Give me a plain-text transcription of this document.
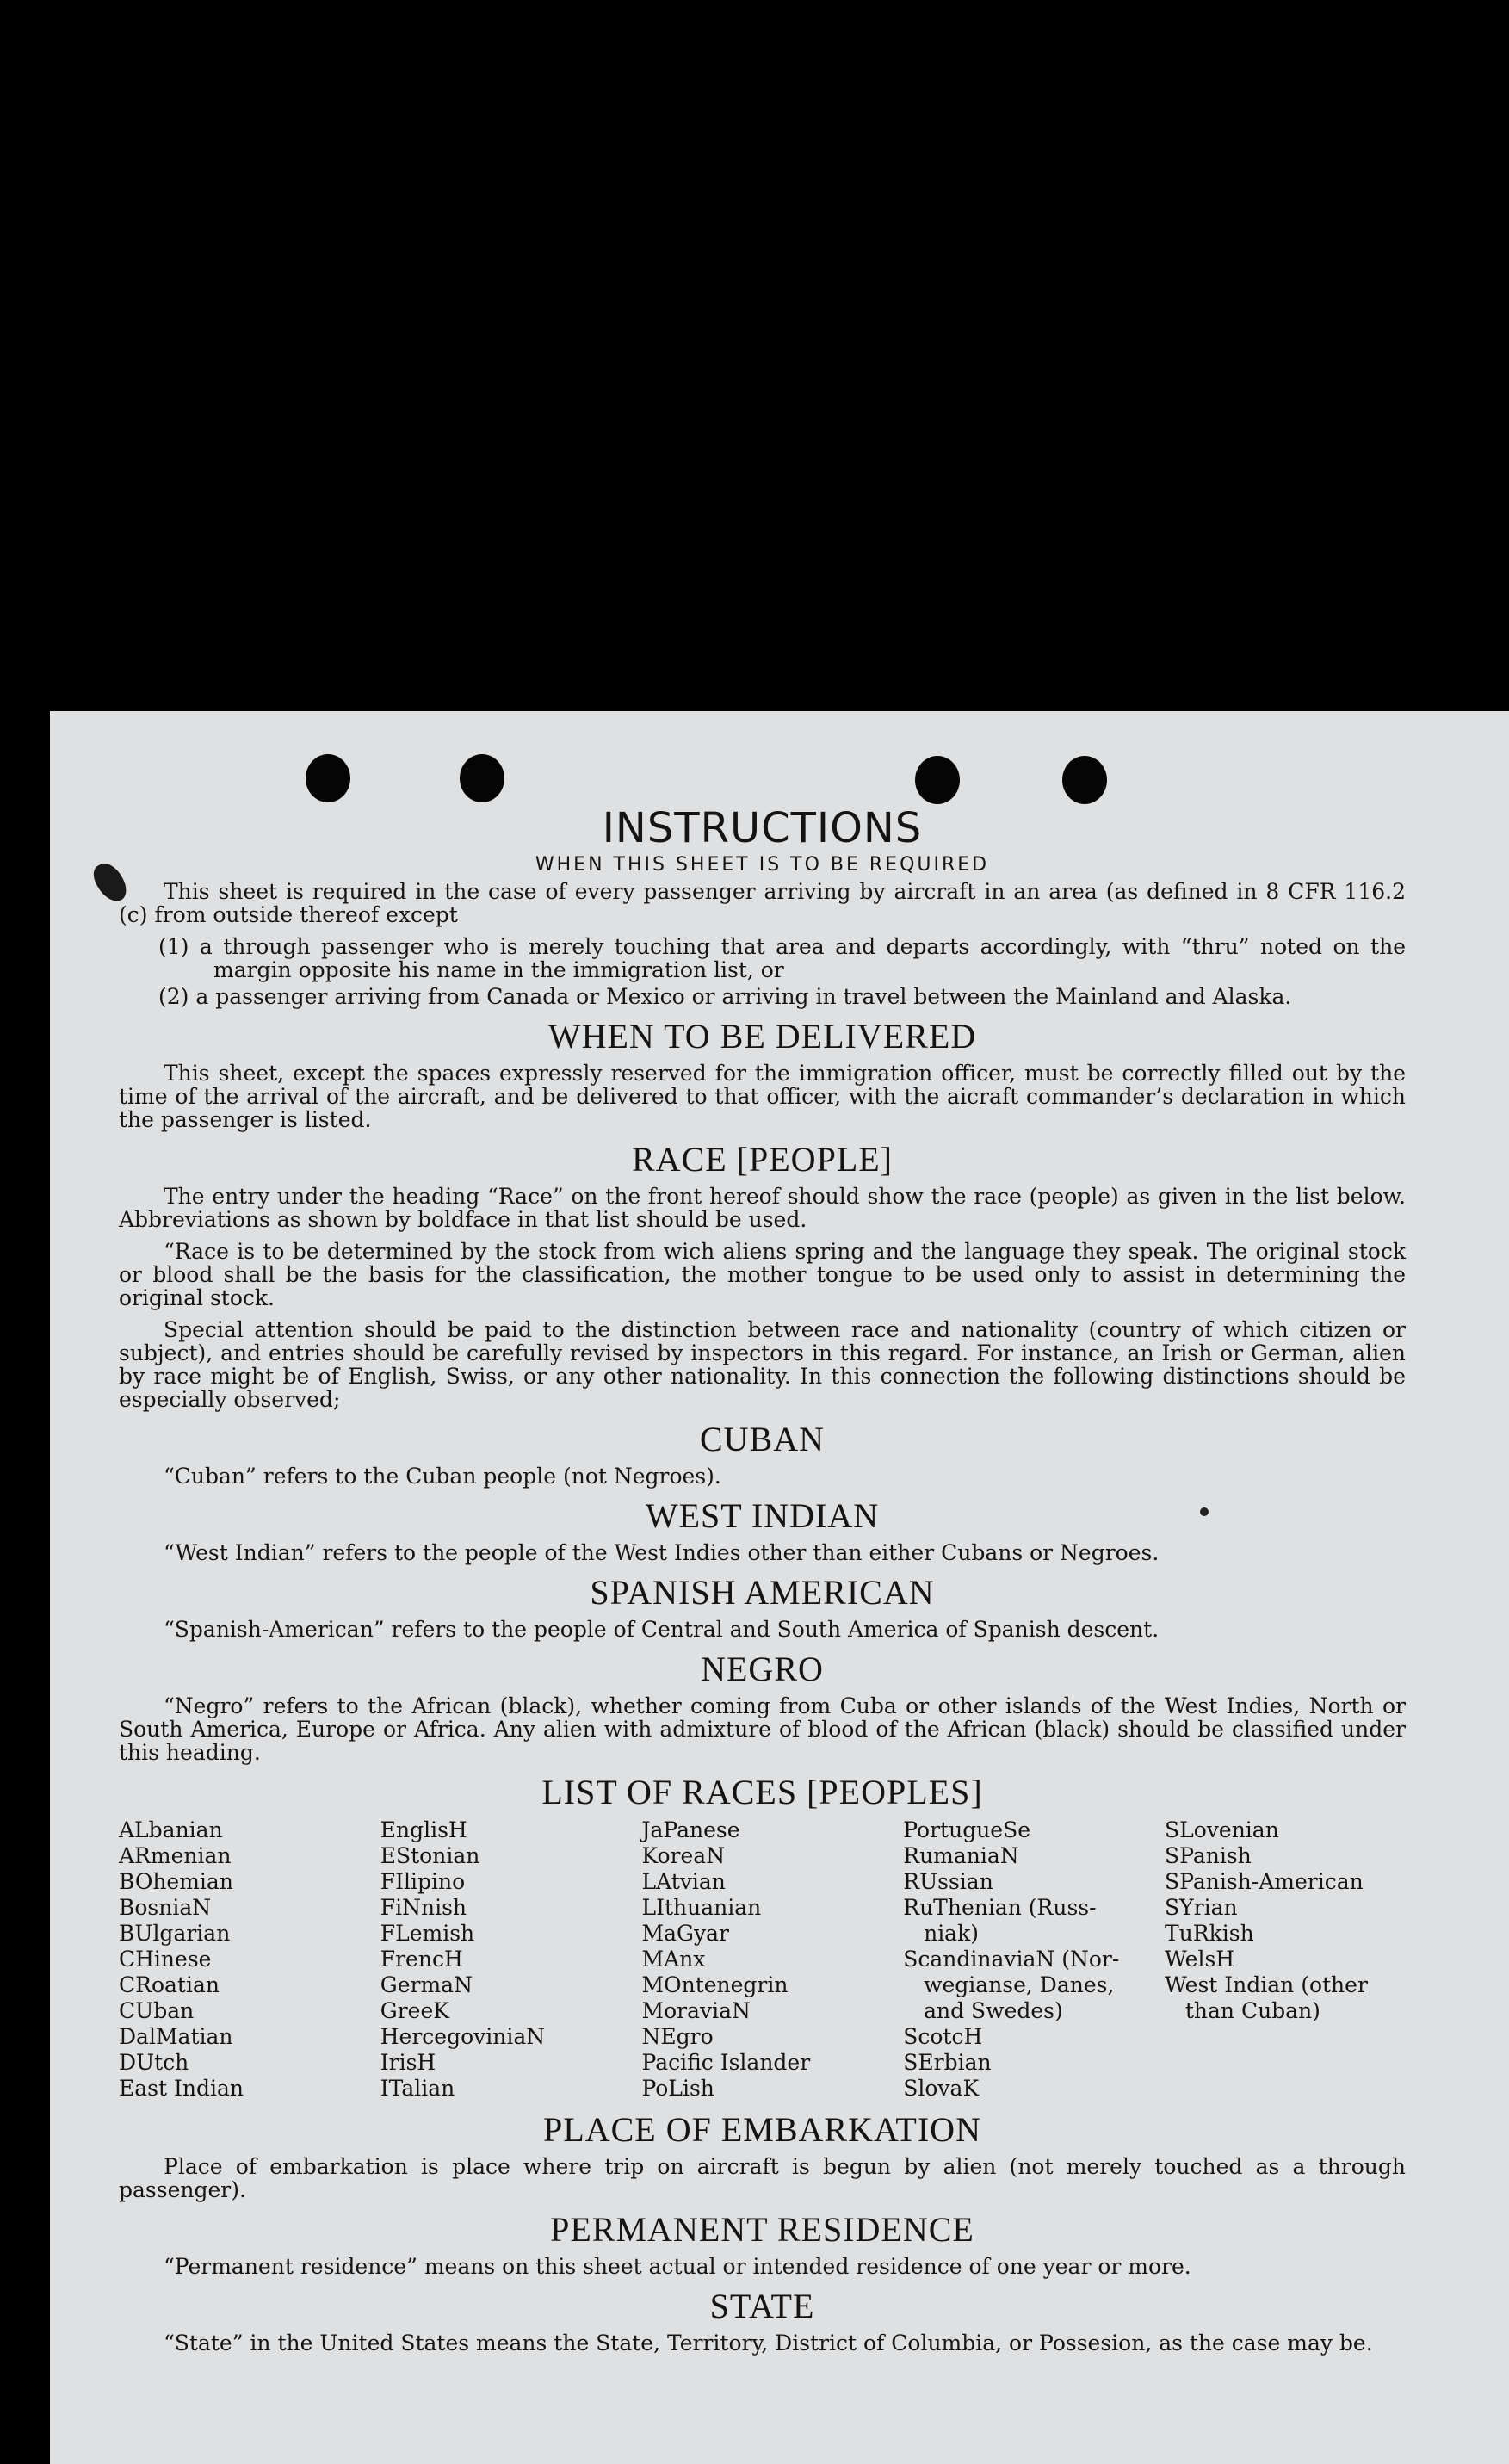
INSTRUCTIONS
WHEN THIS SHEET IS TO BE REQUIRED

This sheet is required in the case of every passenger arriving by aircraft in an area (as defined in 8 CFR 116.2 (c) from outside thereof except

(1) a through passenger who is merely touching that area and departs accordingly, with “thru” noted on the margin opposite his name in the immigration list, or

(2) a passenger arriving from Canada or Mexico or arriving in travel between the Mainland and Alaska.

WHEN TO BE DELIVERED

This sheet, except the spaces expressly reserved for the immigration officer, must be correctly filled out by the time of the arrival of the aircraft, and be delivered to that officer, with the aicraft commander’s declaration in which the passenger is listed.

RACE [PEOPLE]

The entry under the heading “Race” on the front hereof should show the race (people) as given in the list below. Abbreviations as shown by boldface in that list should be used.

“Race is to be determined by the stock from wich aliens spring and the language they speak. The original stock or blood shall be the basis for the classification, the mother tongue to be used only to assist in determining the original stock.

Special attention should be paid to the distinction between race and nationality (country of which citizen or subject), and entries should be carefully revised by inspectors in this regard. For instance, an Irish or German, alien by race might be of English, Swiss, or any other nationality. In this connection the following distinctions should be especially observed;

CUBAN

“Cuban” refers to the Cuban people (not Negroes).

WEST INDIAN

“West Indian” refers to the people of the West Indies other than either Cubans or Negroes.

SPANISH AMERICAN

“Spanish-American” refers to the people of Central and South America of Spanish descent.

NEGRO

“Negro” refers to the African (black), whether coming from Cuba or other islands of the West Indies, North or South America, Europe or Africa. Any alien with admixture of blood of the African (black) should be classified under this heading.

LIST OF RACES [PEOPLES]
ALbanian
ARmenian
BOhemian
BosniaN
BUlgarian
CHinese
CRoatian
CUban
DalMatian
DUtch
East Indian
EnglisH
EStonian
FIlipino
FiNnish
FLemish
FrencH
GermaN
GreeK
HercegoviniaN
IrisH
ITalian
JaPanese
KoreaN
LAtvian
LIthuanian
MaGyar
MAnx
MOntenegrin
MoraviaN
NEgro
Pacific Islander
PoLish
PortugueSe
RumaniaN
RUssian
RuThenian (Russ-
niak)
ScandinaviaN (Nor-
wegianse, Danes,
and Swedes)
ScotcH
SErbian
SlovaK
SLovenian
SPanish
SPanish-American
SYrian
TuRkish
WelsH
West Indian (other
than Cuban)
PLACE OF EMBARKATION

Place of embarkation is place where trip on aircraft is begun by alien (not merely touched as a through passenger).

PERMANENT RESIDENCE

“Permanent residence” means on this sheet actual or intended residence of one year or more.

STATE

“State” in the United States means the State, Territory, District of Columbia, or Possesion, as the case may be.
